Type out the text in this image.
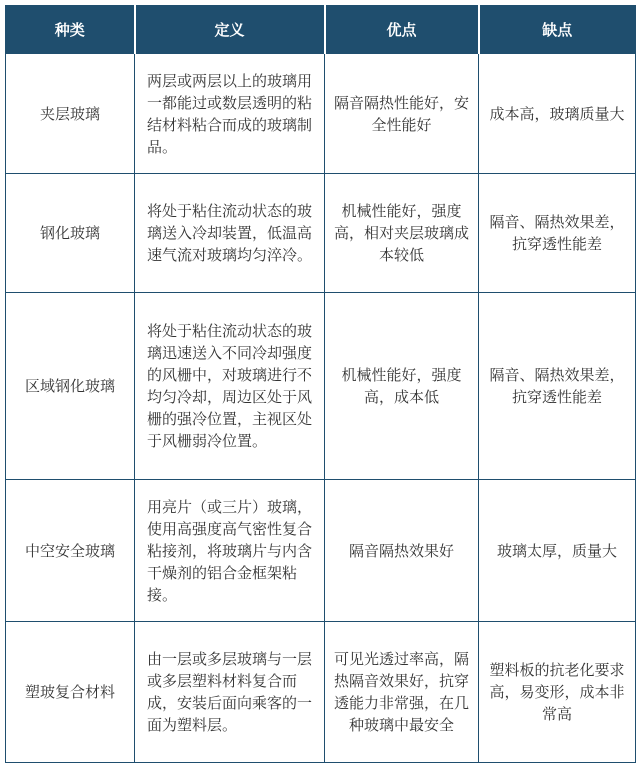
种类	定义	优点	缺点
夹层玻璃	两层或两层以上的玻璃用一都能过或数层透明的粘结材料粘合而成的玻璃制品。	隔音隔热性能好，安全性能好	成本高，玻璃质量大
钢化玻璃	将处于粘住流动状态的玻璃送入冷却装置，低温高速气流对玻璃均匀淬冷。	机械性能好，强度高，相对夹层玻璃成本较低	隔音、隔热效果差，抗穿透性能差
区域钢化玻璃	将处于粘住流动状态的玻璃迅速送入不同冷却强度的风栅中，对玻璃进行不均匀冷却，周边区处于风栅的强冷位置，主视区处于风栅弱冷位置。	机械性能好，强度高，成本低	隔音、隔热效果差，抗穿透性能差
中空安全玻璃	用亮片（或三片）玻璃，使用高强度高气密性复合粘接剂，将玻璃片与内含干燥剂的铝合金框架粘接。	隔音隔热效果好	玻璃太厚，质量大
塑玻复合材料	由一层或多层玻璃与一层或多层塑料材料复合而成，安装后面向乘客的一面为塑料层。	可见光透过率高，隔热隔音效果好，抗穿透能力非常强，在几种玻璃中最安全	塑料板的抗老化要求高，易变形，成本非常高
